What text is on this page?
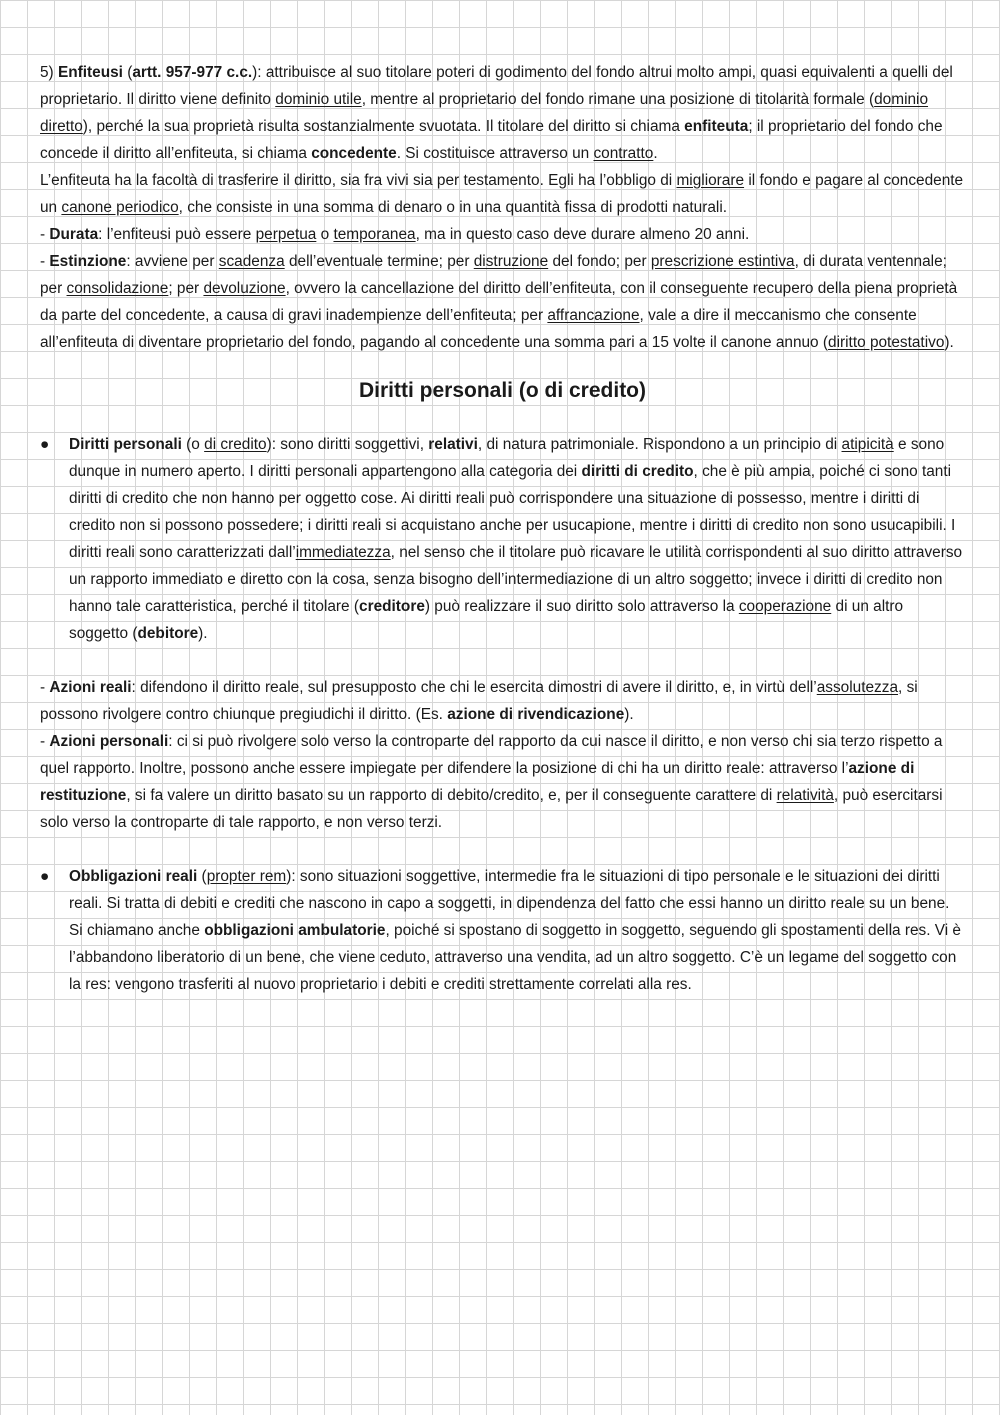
5) Enfiteusi (artt. 957-977 c.c.): attribuisce al suo titolare poteri di godimento del fondo altrui molto ampi, quasi equivalenti a quelli del proprietario. Il diritto viene definito dominio utile, mentre al proprietario del fondo rimane una posizione di titolarità formale (dominio diretto), perché la sua proprietà risulta sostanzialmente svuotata. Il titolare del diritto si chiama enfiteuta; il proprietario del fondo che concede il diritto all’enfiteuta, si chiama concedente. Si costituisce attraverso un contratto.

L’enfiteuta ha la facoltà di trasferire il diritto, sia fra vivi sia per testamento. Egli ha l’obbligo di migliorare il fondo e pagare al concedente un canone periodico, che consiste in una somma di denaro o in una quantità fissa di prodotti naturali.

- Durata: l’enfiteusi può essere perpetua o temporanea, ma in questo caso deve durare almeno 20 anni.

- Estinzione: avviene per scadenza dell’eventuale termine; per distruzione del fondo; per prescrizione estintiva, di durata ventennale; per consolidazione; per devoluzione, ovvero la cancellazione del diritto dell’enfiteuta, con il conseguente recupero della piena proprietà da parte del concedente, a causa di gravi inadempienze dell’enfiteuta; per affrancazione, vale a dire il meccanismo che consente all’enfiteuta di diventare proprietario del fondo, pagando al concedente una somma pari a 15 volte il canone annuo (diritto potestativo).

Diritti personali (o di credito)
●	Diritti personali (o di credito): sono diritti soggettivi, relativi, di natura patrimoniale. Rispondono a un principio di atipicità e sono dunque in numero aperto. I diritti personali appartengono alla categoria dei diritti di credito, che è più ampia, poiché ci sono tanti diritti di credito che non hanno per oggetto cose. Ai diritti reali può corrispondere una situazione di possesso, mentre i diritti di credito non si possono possedere; i diritti reali si acquistano anche per usucapione, mentre i diritti di credito non sono usucapibili. I diritti reali sono caratterizzati dall’immediatezza, nel senso che il titolare può ricavare le utilità corrispondenti al suo diritto attraverso un rapporto immediato e diretto con la cosa, senza bisogno dell’intermediazione di un altro soggetto; invece i diritti di credito non hanno tale caratteristica, perché il titolare (creditore) può realizzare il suo diritto solo attraverso la cooperazione di un altro soggetto (debitore).

- Azioni reali: difendono il diritto reale, sul presupposto che chi le esercita dimostri di avere il diritto, e, in virtù dell’assolutezza, si possono rivolgere contro chiunque pregiudichi il diritto. (Es. azione di rivendicazione).

- Azioni personali: ci si può rivolgere solo verso la controparte del rapporto da cui nasce il diritto, e non verso chi sia terzo rispetto a quel rapporto. Inoltre, possono anche essere impiegate per difendere la posizione di chi ha un diritto reale: attraverso l’azione di restituzione, si fa valere un diritto basato su un rapporto di debito/credito, e, per il conseguente carattere di relatività, può esercitarsi solo verso la controparte di tale rapporto, e non verso terzi.

●	Obbligazioni reali (propter rem): sono situazioni soggettive, intermedie fra le situazioni di tipo personale e le situazioni dei diritti reali. Si tratta di debiti e crediti che nascono in capo a soggetti, in dipendenza del fatto che essi hanno un diritto reale su un bene. Si chiamano anche obbligazioni ambulatorie, poiché si spostano di soggetto in soggetto, seguendo gli spostamenti della res. Vi è l’abbandono liberatorio di un bene, che viene ceduto, attraverso una vendita, ad un altro soggetto. C’è un legame del soggetto con la res: vengono trasferiti al nuovo proprietario i debiti e crediti strettamente correlati alla res.
